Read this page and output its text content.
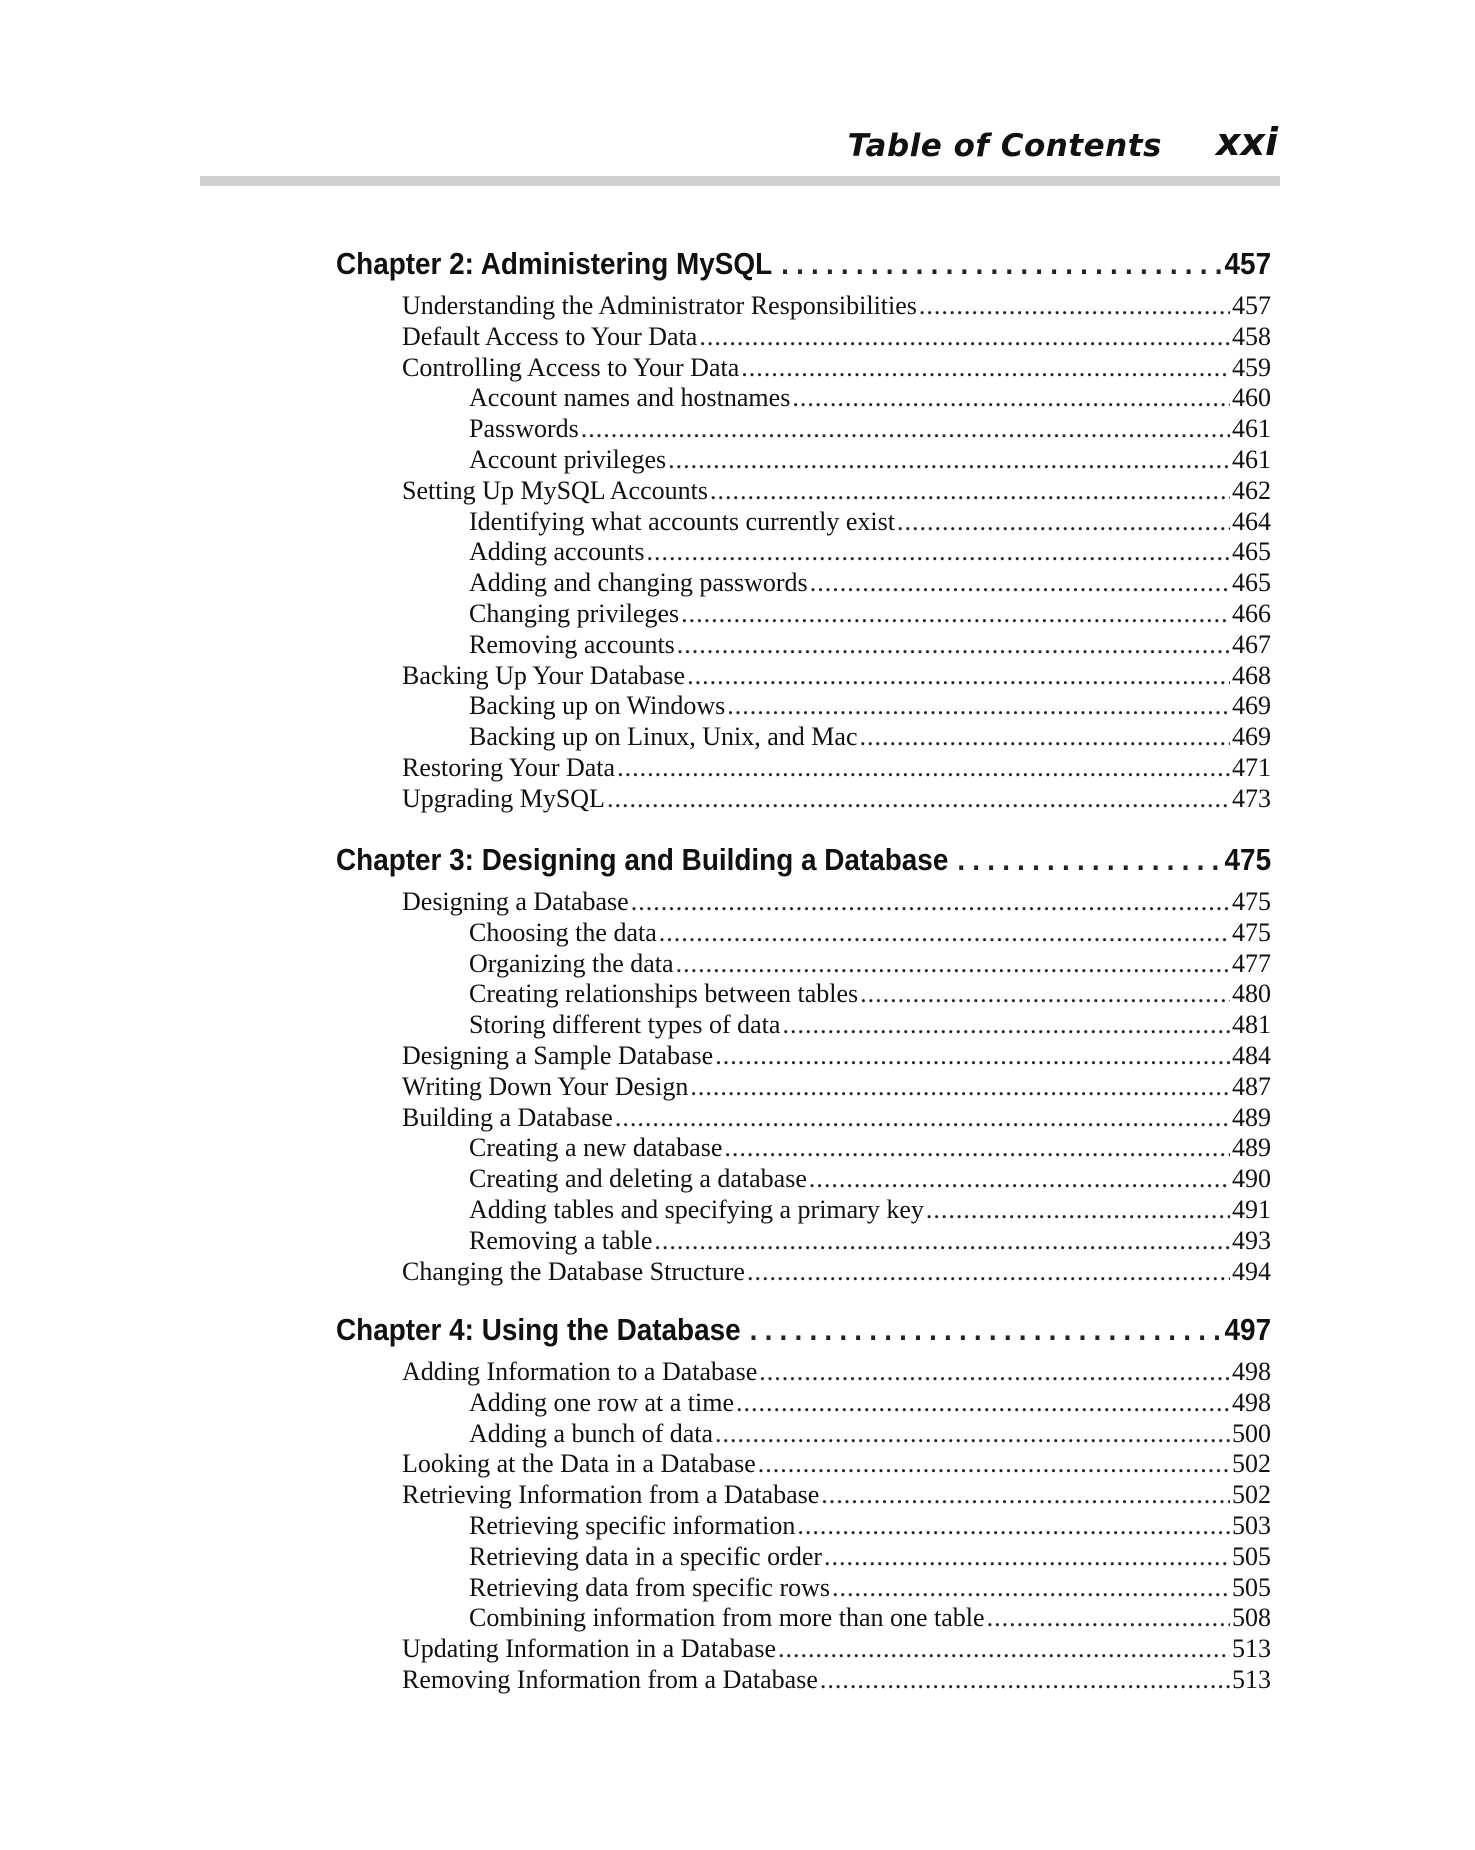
Table of Contents xxi
Chapter 2: Administering MySQL .....	457
Understanding the Administrator Responsibilities .....	457
Default Access to Your Data .....	458
Controlling Access to Your Data .....	459
Account names and hostnames .....	460
Passwords .....	461
Account privileges .....	461
Setting Up MySQL Accounts .....	462
Identifying what accounts currently exist .....	464
Adding accounts .....	465
Adding and changing passwords .....	465
Changing privileges .....	466
Removing accounts .....	467
Backing Up Your Database .....	468
Backing up on Windows .....	469
Backing up on Linux, Unix, and Mac .....	469
Restoring Your Data .....	471
Upgrading MySQL .....	473
Chapter 3: Designing and Building a Database .....	475
Designing a Database .....	475
Choosing the data .....	475
Organizing the data .....	477
Creating relationships between tables .....	480
Storing different types of data .....	481
Designing a Sample Database .....	484
Writing Down Your Design .....	487
Building a Database .....	489
Creating a new database .....	489
Creating and deleting a database .....	490
Adding tables and specifying a primary key .....	491
Removing a table .....	493
Changing the Database Structure .....	494
Chapter 4: Using the Database .....	497
Adding Information to a Database .....	498
Adding one row at a time .....	498
Adding a bunch of data .....	500
Looking at the Data in a Database .....	502
Retrieving Information from a Database .....	502
Retrieving specific information .....	503
Retrieving data in a specific order .....	505
Retrieving data from specific rows .....	505
Combining information from more than one table .....	508
Updating Information in a Database .....	513
Removing Information from a Database .....	513
